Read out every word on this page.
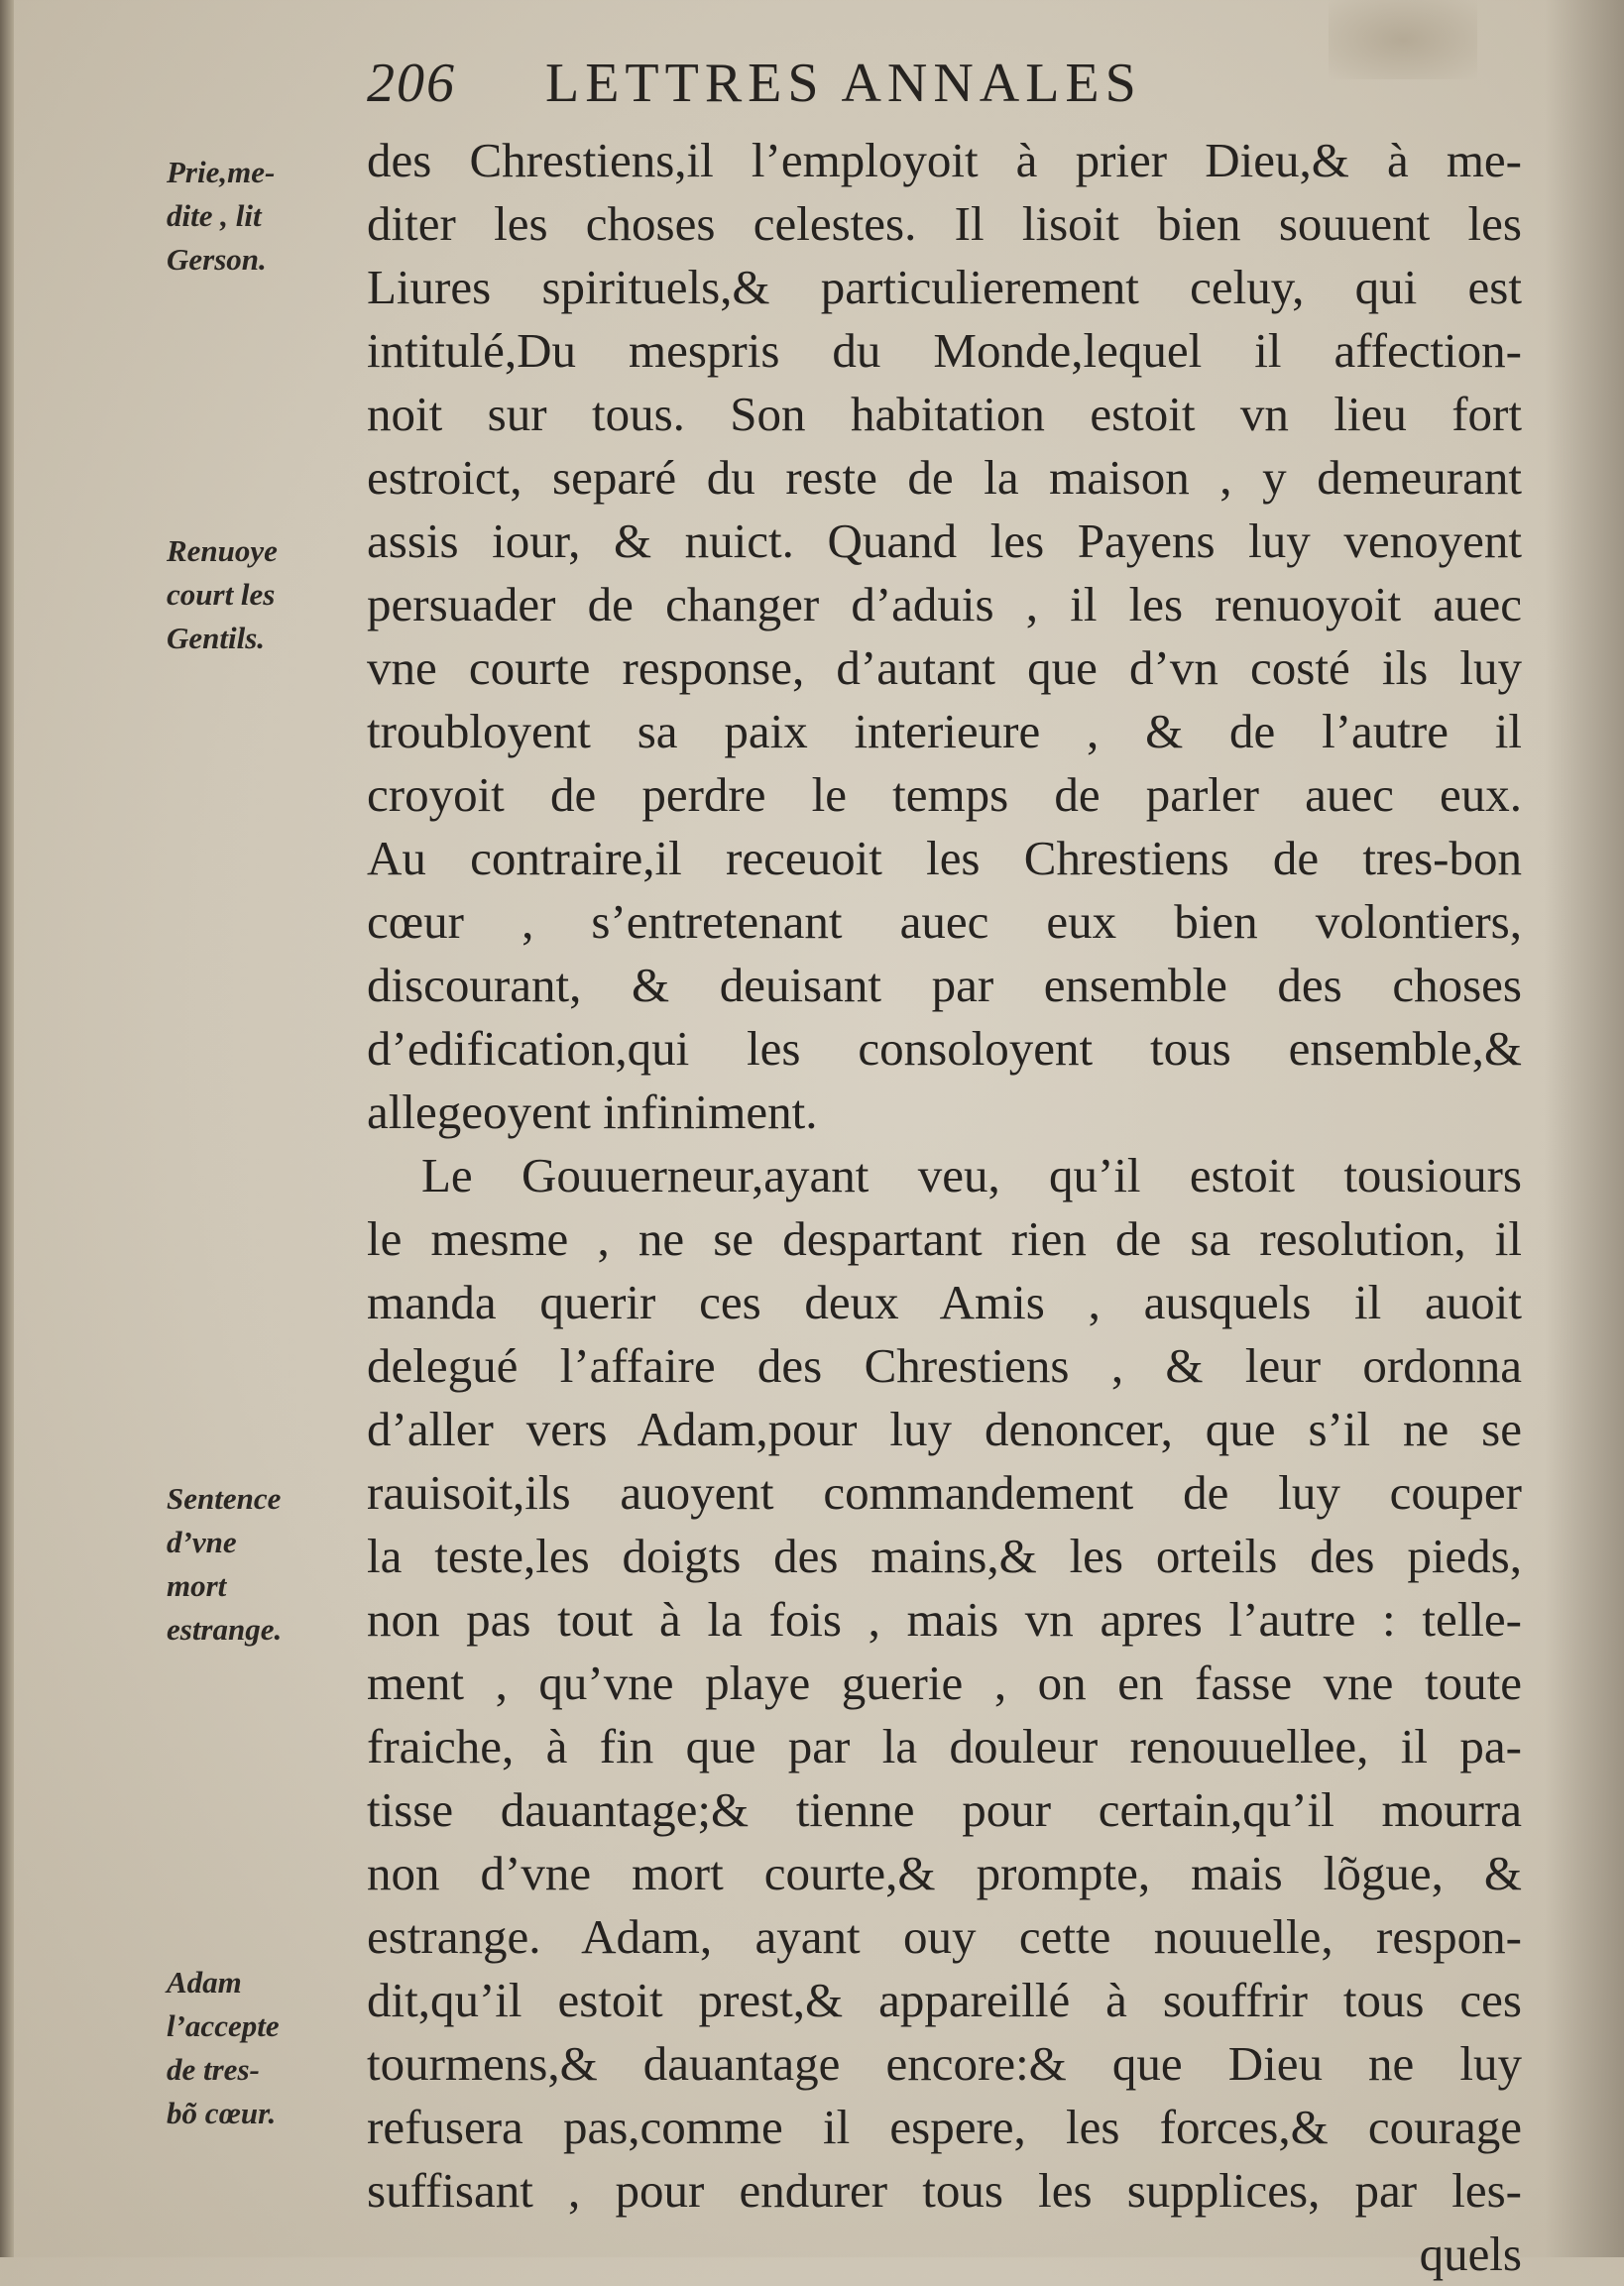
206 LETTRES ANNALES
Prie,me-
dite , lit
Gerson.
Renuoye
court les
Gentils.
Sentence
d’vne
mort
estrange.
Adam
l’accepte
de tres-
bõ cœur.
des Chrestiens,il l’employoit à prier Dieu,& à me-
diter les choses celestes. Il lisoit bien souuent les
Liures spirituels,& particulierement celuy, qui est
intitulé,Du mespris du Monde,lequel il affection-
noit sur tous. Son habitation estoit vn lieu fort
estroict, separé du reste de la maison , y demeurant
assis iour, & nuict. Quand les Payens luy venoyent
persuader de changer d’aduis , il les renuoyoit auec
vne courte response, d’autant que d’vn costé ils luy
troubloyent sa paix interieure , & de l’autre il
croyoit de perdre le temps de parler auec eux.
Au contraire,il receuoit les Chrestiens de tres-bon
cœur , s’entretenant auec eux bien volontiers,
discourant, & deuisant par ensemble des choses
d’edification,qui les consoloyent tous ensemble,&
allegeoyent infiniment.
Le Gouuerneur,ayant veu, qu’il estoit tousiours
le mesme , ne se despartant rien de sa resolution, il
manda querir ces deux Amis , ausquels il auoit
delegué l’affaire des Chrestiens , & leur ordonna
d’aller vers Adam,pour luy denoncer, que s’il ne se
rauisoit,ils auoyent commandement de luy couper
la teste,les doigts des mains,& les orteils des pieds,
non pas tout à la fois , mais vn apres l’autre : telle-
ment , qu’vne playe guerie , on en fasse vne toute
fraiche, à fin que par la douleur renouuellee, il pa-
tisse dauantage;& tienne pour certain,qu’il mourra
non d’vne mort courte,& prompte, mais lõgue, &
estrange. Adam, ayant ouy cette nouuelle, respon-
dit,qu’il estoit prest,& appareillé à souffrir tous ces
tourmens,& dauantage encore:& que Dieu ne luy
refusera pas,comme il espere, les forces,& courage
suffisant , pour endurer tous les supplices, par les-
quels
